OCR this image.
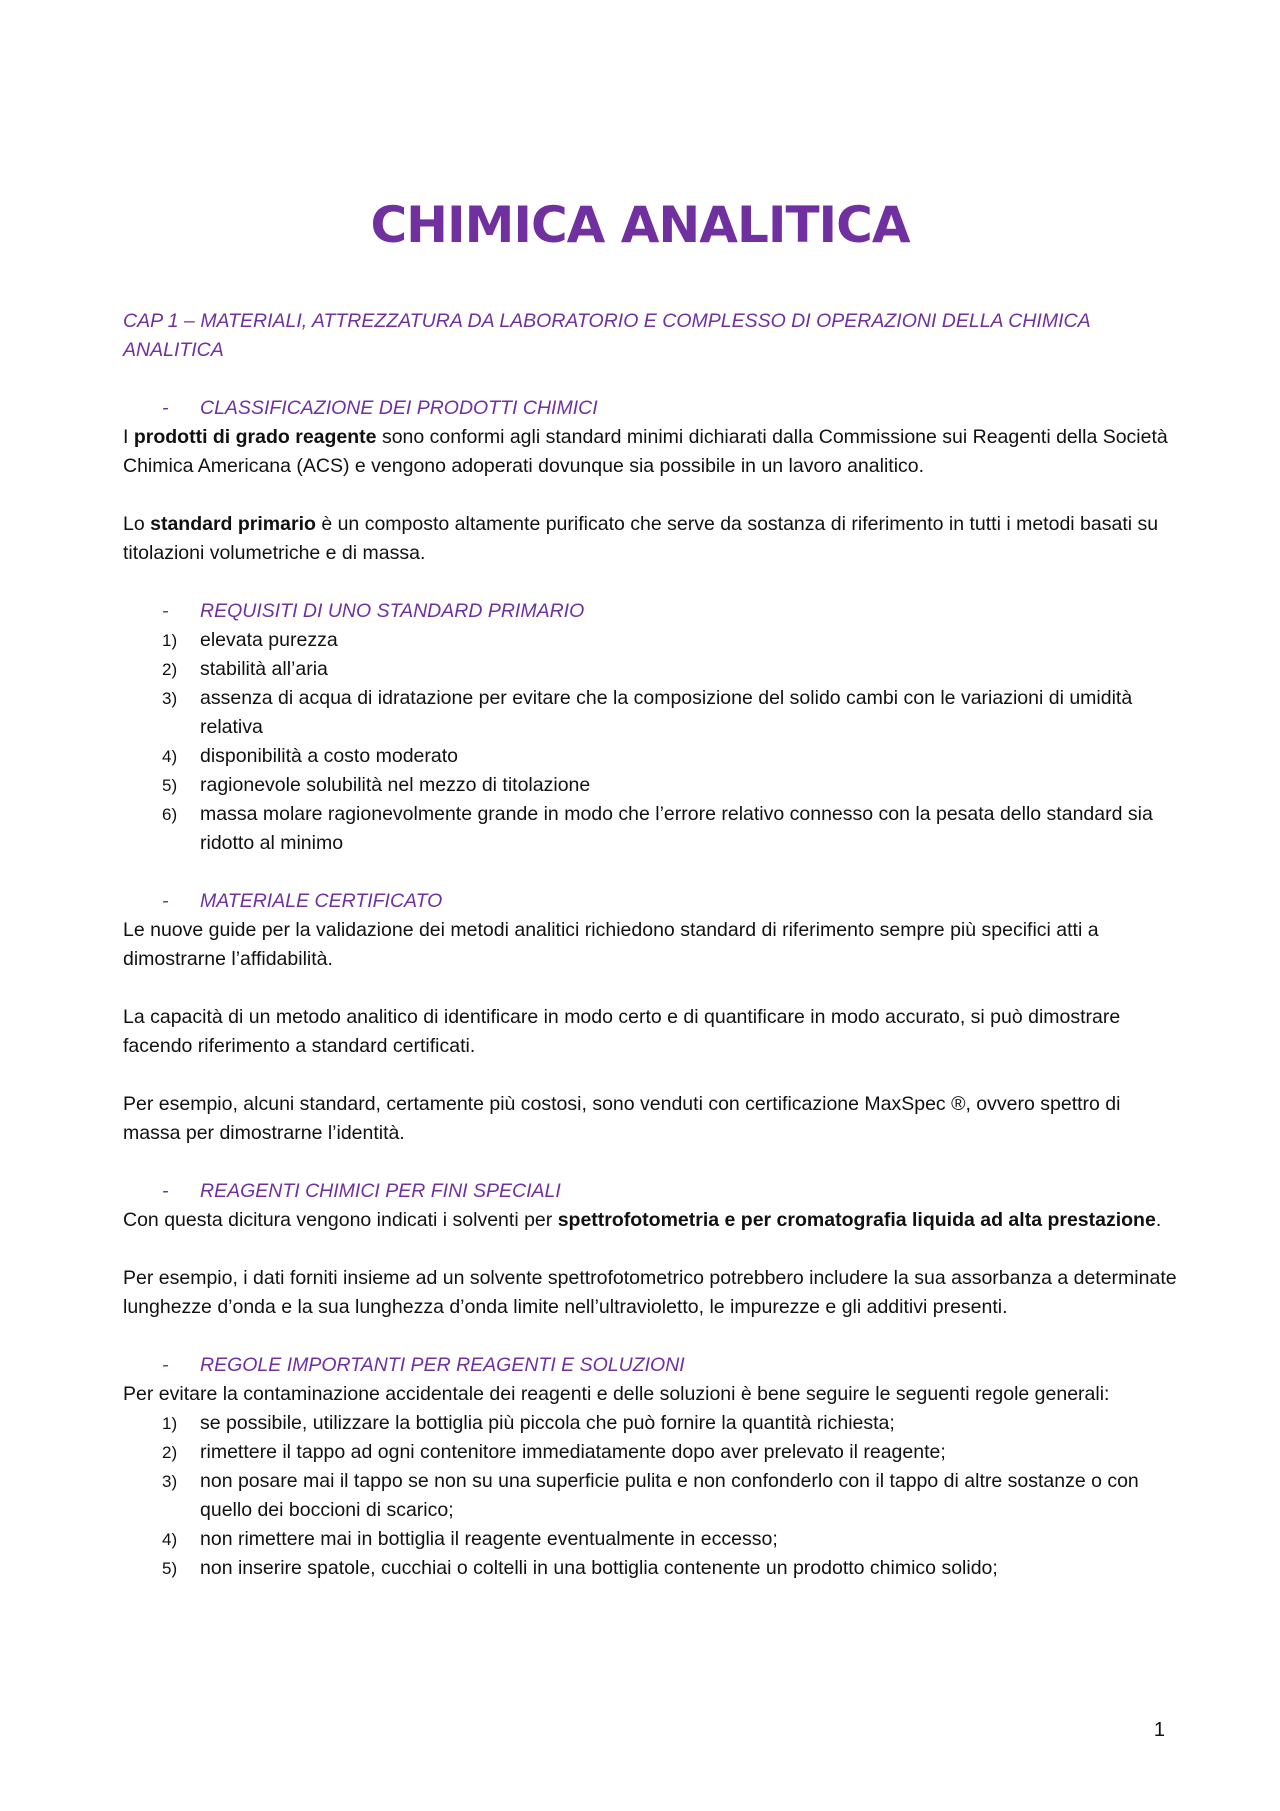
CHIMICA ANALITICA

CAP 1 – MATERIALI, ATTREZZATURA DA LABORATORIO E COMPLESSO DI OPERAZIONI DELLA CHIMICA ANALITICA

- CLASSIFICAZIONE DEI PRODOTTI CHIMICI

I prodotti di grado reagente sono conformi agli standard minimi dichiarati dalla Commissione sui Reagenti della Società Chimica Americana (ACS) e vengono adoperati dovunque sia possibile in un lavoro analitico.

Lo standard primario è un composto altamente purificato che serve da sostanza di riferimento in tutti i metodi basati su titolazioni volumetriche e di massa.

- REQUISITI DI UNO STANDARD PRIMARIO
1) elevata purezza
2) stabilità all’aria
3) assenza di acqua di idratazione per evitare che la composizione del solido cambi con le variazioni di umidità relativa
4) disponibilità a costo moderato
5) ragionevole solubilità nel mezzo di titolazione
6) massa molare ragionevolmente grande in modo che l’errore relativo connesso con la pesata dello standard sia ridotto al minimo
- MATERIALE CERTIFICATO

Le nuove guide per la validazione dei metodi analitici richiedono standard di riferimento sempre più specifici atti a dimostrarne l’affidabilità.

La capacità di un metodo analitico di identificare in modo certo e di quantificare in modo accurato, si può dimostrare facendo riferimento a standard certificati.

Per esempio, alcuni standard, certamente più costosi, sono venduti con certificazione MaxSpec ®, ovvero spettro di massa per dimostrarne l’identità.

- REAGENTI CHIMICI PER FINI SPECIALI

Con questa dicitura vengono indicati i solventi per spettrofotometria e per cromatografia liquida ad alta prestazione.

Per esempio, i dati forniti insieme ad un solvente spettrofotometrico potrebbero includere la sua assorbanza a determinate lunghezze d’onda e la sua lunghezza d’onda limite nell’ultravioletto, le impurezze e gli additivi presenti.

- REGOLE IMPORTANTI PER REAGENTI E SOLUZIONI

Per evitare la contaminazione accidentale dei reagenti e delle soluzioni è bene seguire le seguenti regole generali:

1) se possibile, utilizzare la bottiglia più piccola che può fornire la quantità richiesta;
2) rimettere il tappo ad ogni contenitore immediatamente dopo aver prelevato il reagente;
3) non posare mai il tappo se non su una superficie pulita e non confonderlo con il tappo di altre sostanze o con quello dei boccioni di scarico;
4) non rimettere mai in bottiglia il reagente eventualmente in eccesso;
5) non inserire spatole, cucchiai o coltelli in una bottiglia contenente un prodotto chimico solido;
1
